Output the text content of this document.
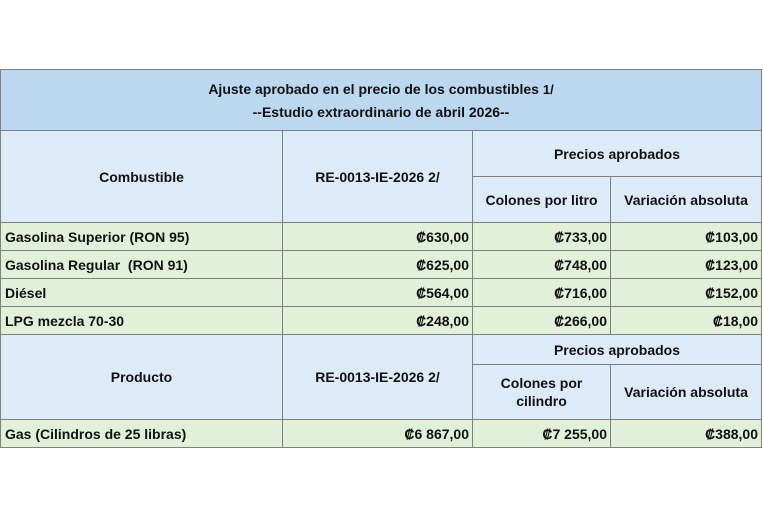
Ajuste aprobado en el precio de los combustibles 1/
--Estudio extraordinario de abril 2026--			
Combustible	RE-0013-IE-2026 2/	Precios aprobados	
		Colones por litro	Variación absoluta
Gasolina Superior (RON 95)	₡630,00	₡733,00	₡103,00
Gasolina Regular  (RON 91)	₡625,00	₡748,00	₡123,00
Diésel	₡564,00	₡716,00	₡152,00
LPG mezcla 70-30	₡248,00	₡266,00	₡18,00
Producto	RE-0013-IE-2026 2/	Precios aprobados	
		Colones por cilindro	Variación absoluta
Gas (Cilindros de 25 libras)	₡6 867,00	₡7 255,00	₡388,00
